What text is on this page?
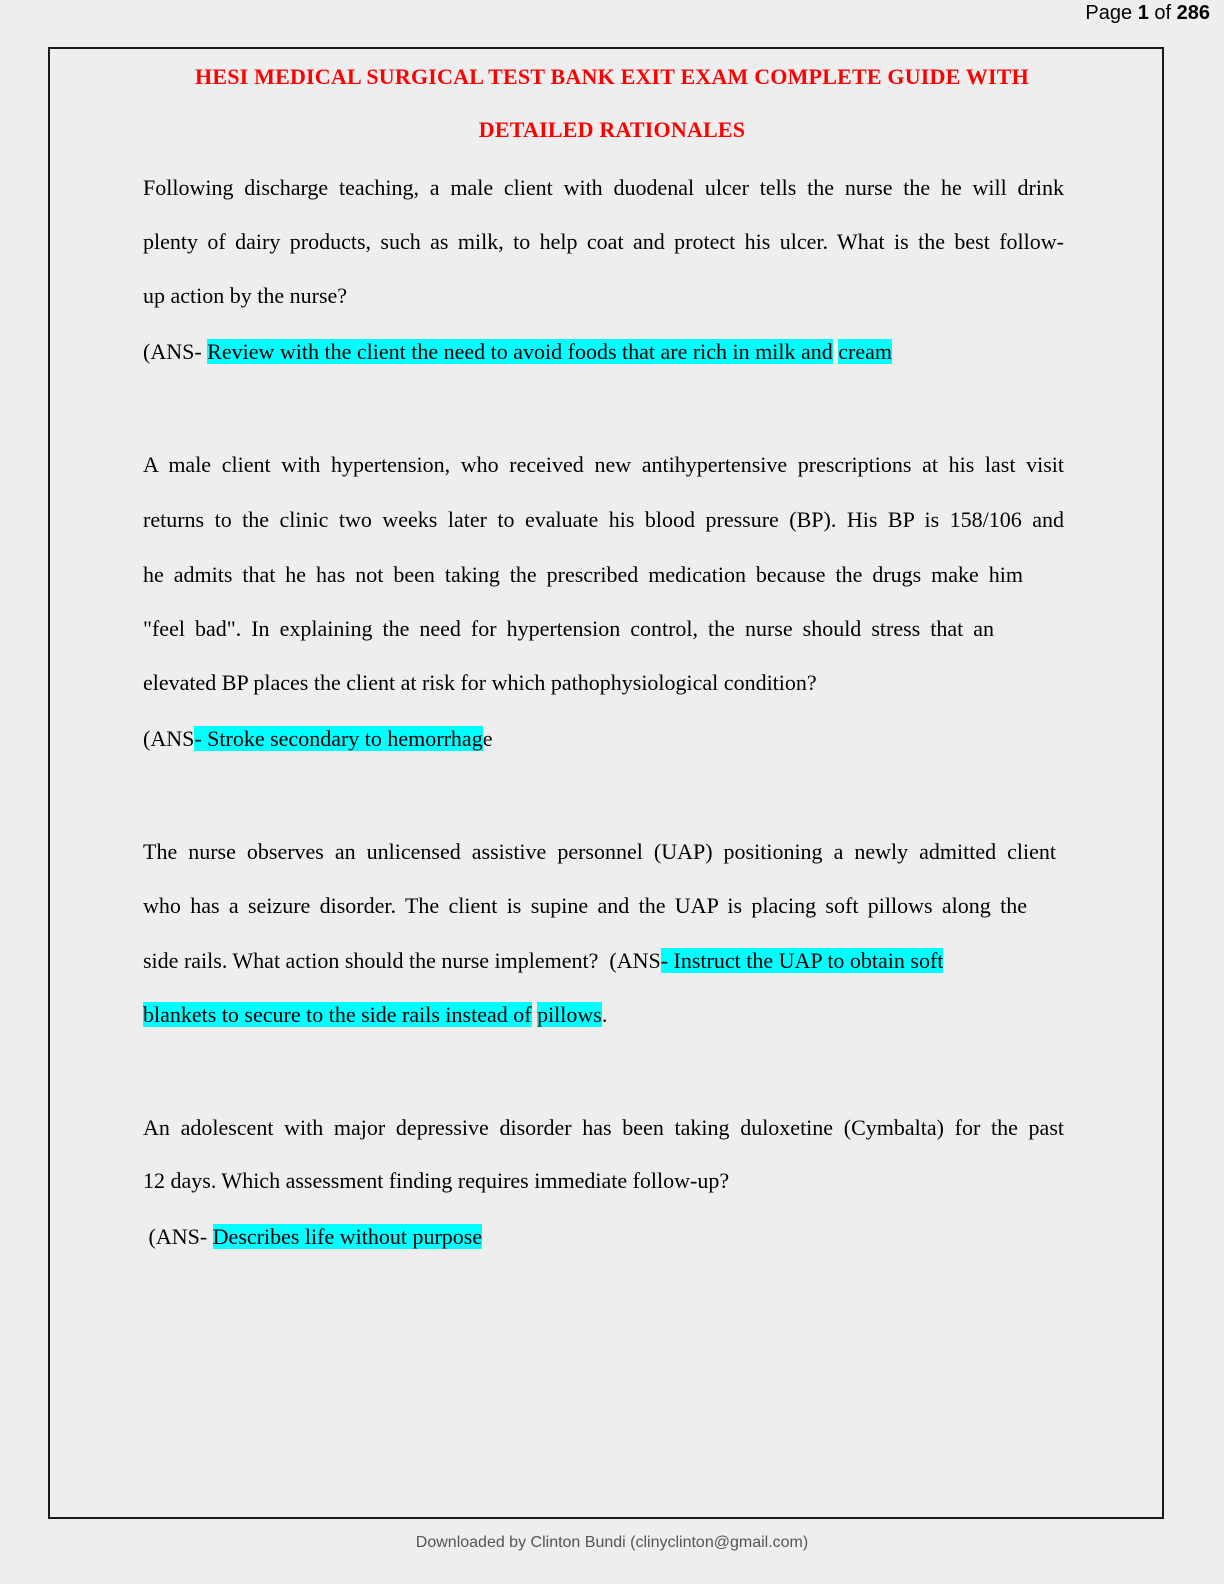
Page 1 of 286
HESI MEDICAL SURGICAL TEST BANK EXIT EXAM COMPLETE GUIDE WITH
DETAILED RATIONALES
Following discharge teaching, a male client with duodenal ulcer tells the nurse the he will drink
plenty of dairy products, such as milk, to help coat and protect his ulcer. What is the best follow-
up action by the nurse?
(ANS- Review with the client the need to avoid foods that are rich in milk and cream
A male client with hypertension, who received new antihypertensive prescriptions at his last visit
returns to the clinic two weeks later to evaluate his blood pressure (BP). His BP is 158/106 and
he admits that he has not been taking the prescribed medication because the drugs make him
"feel bad". In explaining the need for hypertension control, the nurse should stress that an
elevated BP places the client at risk for which pathophysiological condition?
(ANS- Stroke secondary to hemorrhage
The nurse observes an unlicensed assistive personnel (UAP) positioning a newly admitted client
who has a seizure disorder. The client is supine and the UAP is placing soft pillows along the
side rails. What action should the nurse implement?  (ANS- Instruct the UAP to obtain soft
blankets to secure to the side rails instead of pillows.
An adolescent with major depressive disorder has been taking duloxetine (Cymbalta) for the past
12 days. Which assessment finding requires immediate follow-up?
(ANS- Describes life without purpose
Downloaded by Clinton Bundi (clinyclinton@gmail.com)
